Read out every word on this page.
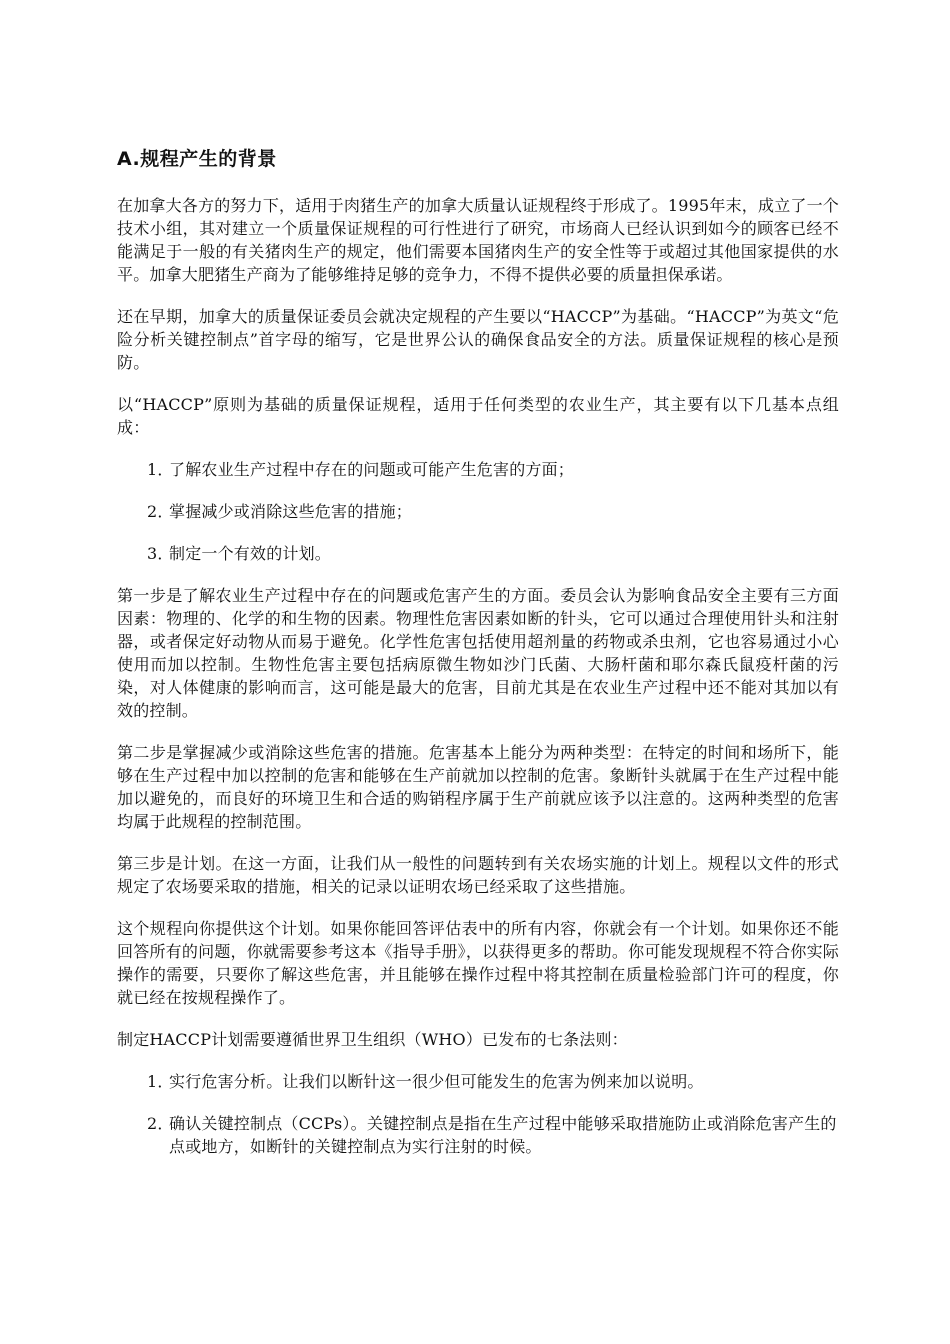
A.规程产生的背景

在加拿大各方的努力下，适用于肉猪生产的加拿大质量认证规程终于形成了。1995年末，成立了一个技术小组，其对建立一个质量保证规程的可行性进行了研究，市场商人已经认识到如今的顾客已经不能满足于一般的有关猪肉生产的规定，他们需要本国猪肉生产的安全性等于或超过其他国家提供的水平。加拿大肥猪生产商为了能够维持足够的竞争力，不得不提供必要的质量担保承诺。

还在早期，加拿大的质量保证委员会就决定规程的产生要以“HACCP”为基础。“HACCP”为英文“危险分析关键控制点”首字母的缩写，它是世界公认的确保食品安全的方法。质量保证规程的核心是预防。

以“HACCP”原则为基础的质量保证规程，适用于任何类型的农业生产，其主要有以下几基本点组成：

1．
了解农业生产过程中存在的问题或可能产生危害的方面；
2．
掌握减少或消除这些危害的措施；
3．
制定一个有效的计划。

第一步是了解农业生产过程中存在的问题或危害产生的方面。委员会认为影响食品安全主要有三方面因素：物理的、化学的和生物的因素。物理性危害因素如断的针头，它可以通过合理使用针头和注射器，或者保定好动物从而易于避免。化学性危害包括使用超剂量的药物或杀虫剂，它也容易通过小心使用而加以控制。生物性危害主要包括病原微生物如沙门氏菌、大肠杆菌和耶尔森氏鼠疫杆菌的污染，对人体健康的影响而言，这可能是最大的危害，目前尤其是在农业生产过程中还不能对其加以有效的控制。

第二步是掌握减少或消除这些危害的措施。危害基本上能分为两种类型：在特定的时间和场所下，能够在生产过程中加以控制的危害和能够在生产前就加以控制的危害。象断针头就属于在生产过程中能加以避免的，而良好的环境卫生和合适的购销程序属于生产前就应该予以注意的。这两种类型的危害均属于此规程的控制范围。

第三步是计划。在这一方面，让我们从一般性的问题转到有关农场实施的计划上。规程以文件的形式规定了农场要采取的措施，相关的记录以证明农场已经采取了这些措施。

这个规程向你提供这个计划。如果你能回答评估表中的所有内容，你就会有一个计划。如果你还不能回答所有的问题，你就需要参考这本《指导手册》，以获得更多的帮助。你可能发现规程不符合你实际操作的需要，只要你了解这些危害，并且能够在操作过程中将其控制在质量检验部门许可的程度，你就已经在按规程操作了。

制定HACCP计划需要遵循世界卫生组织（WHO）已发布的七条法则：

1．
实行危害分析。让我们以断针这一很少但可能发生的危害为例来加以说明。
2．
确认关键控制点（CCPs）。关键控制点是指在生产过程中能够采取措施防止或消除危害产生的点或地方，如断针的关键控制点为实行注射的时候。
